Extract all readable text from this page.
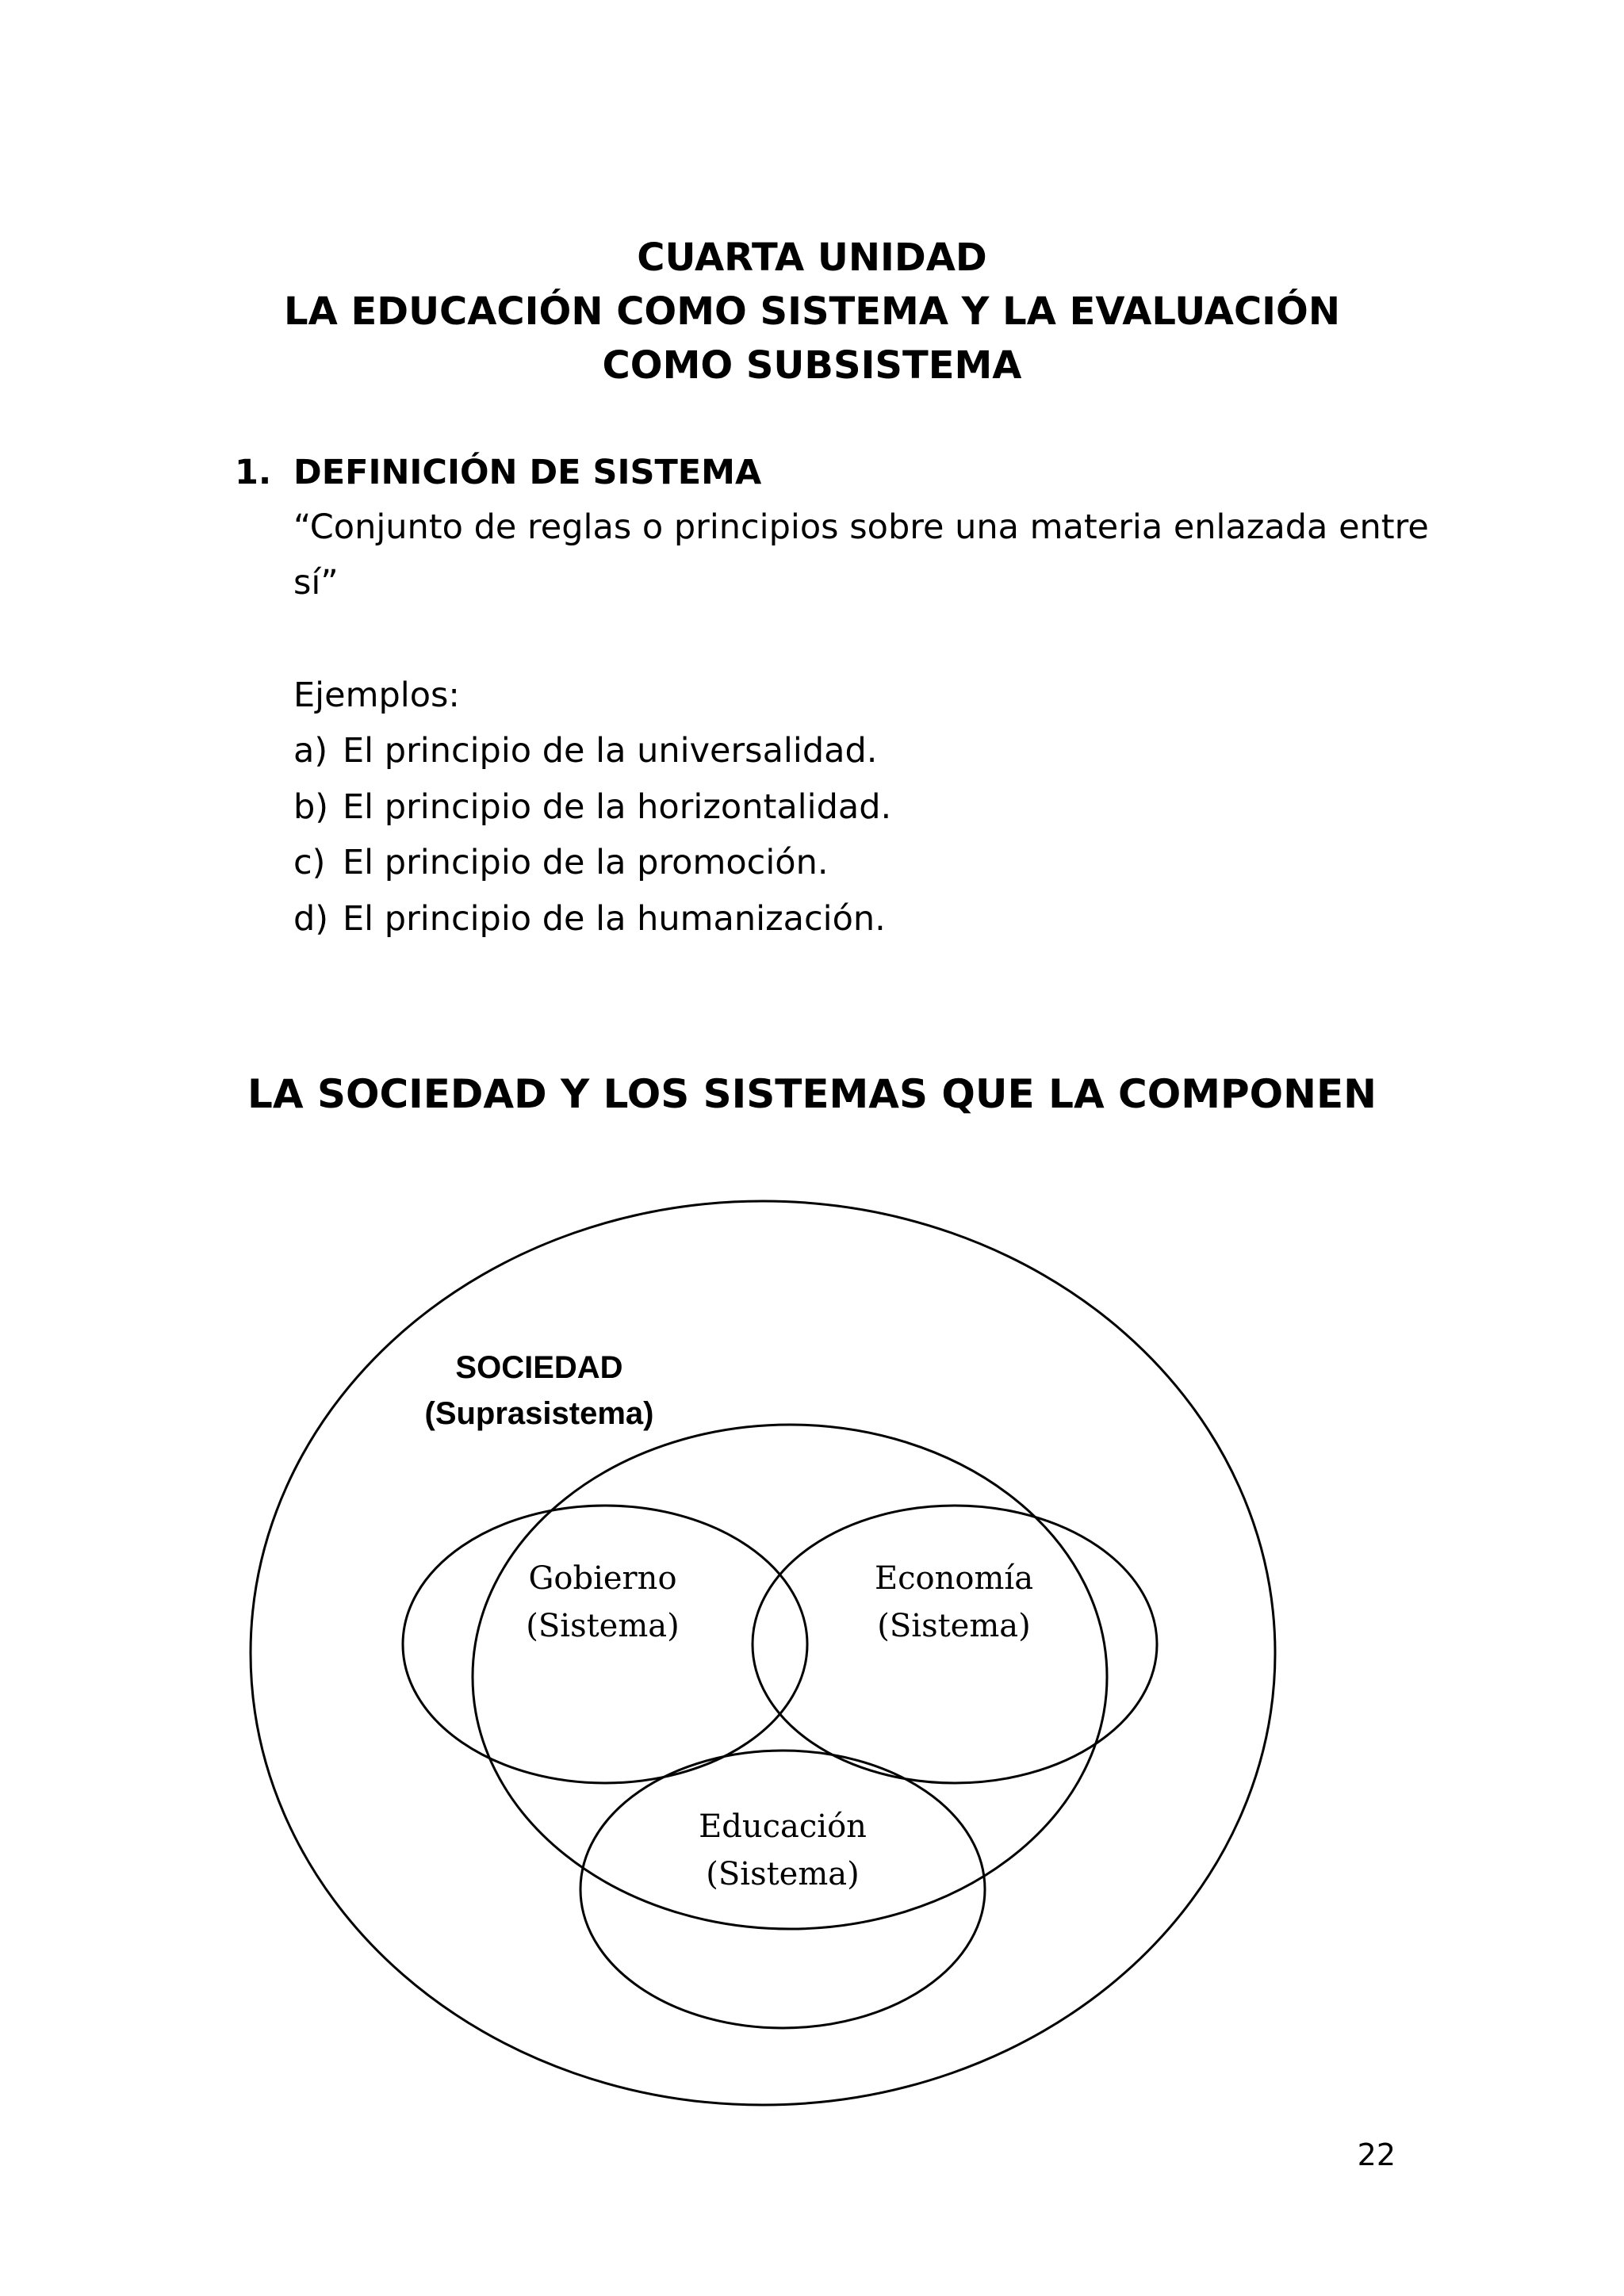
CUARTA UNIDAD
LA EDUCACIÓN COMO SISTEMA Y LA EVALUACIÓN
COMO SUBSISTEMA
1. DEFINICIÓN DE SISTEMA
“Conjunto de reglas o principios sobre una materia enlazada entre
sí”
Ejemplos:
a) El principio de la universalidad.
b) El principio de la horizontalidad.
c) El principio de la promoción.
d) El principio de la humanización.
LA SOCIEDAD Y LOS SISTEMAS QUE LA COMPONEN
SOCIEDAD
(Suprasistema)
Gobierno
(Sistema)
Economía
(Sistema)
Educación
(Sistema)
22
